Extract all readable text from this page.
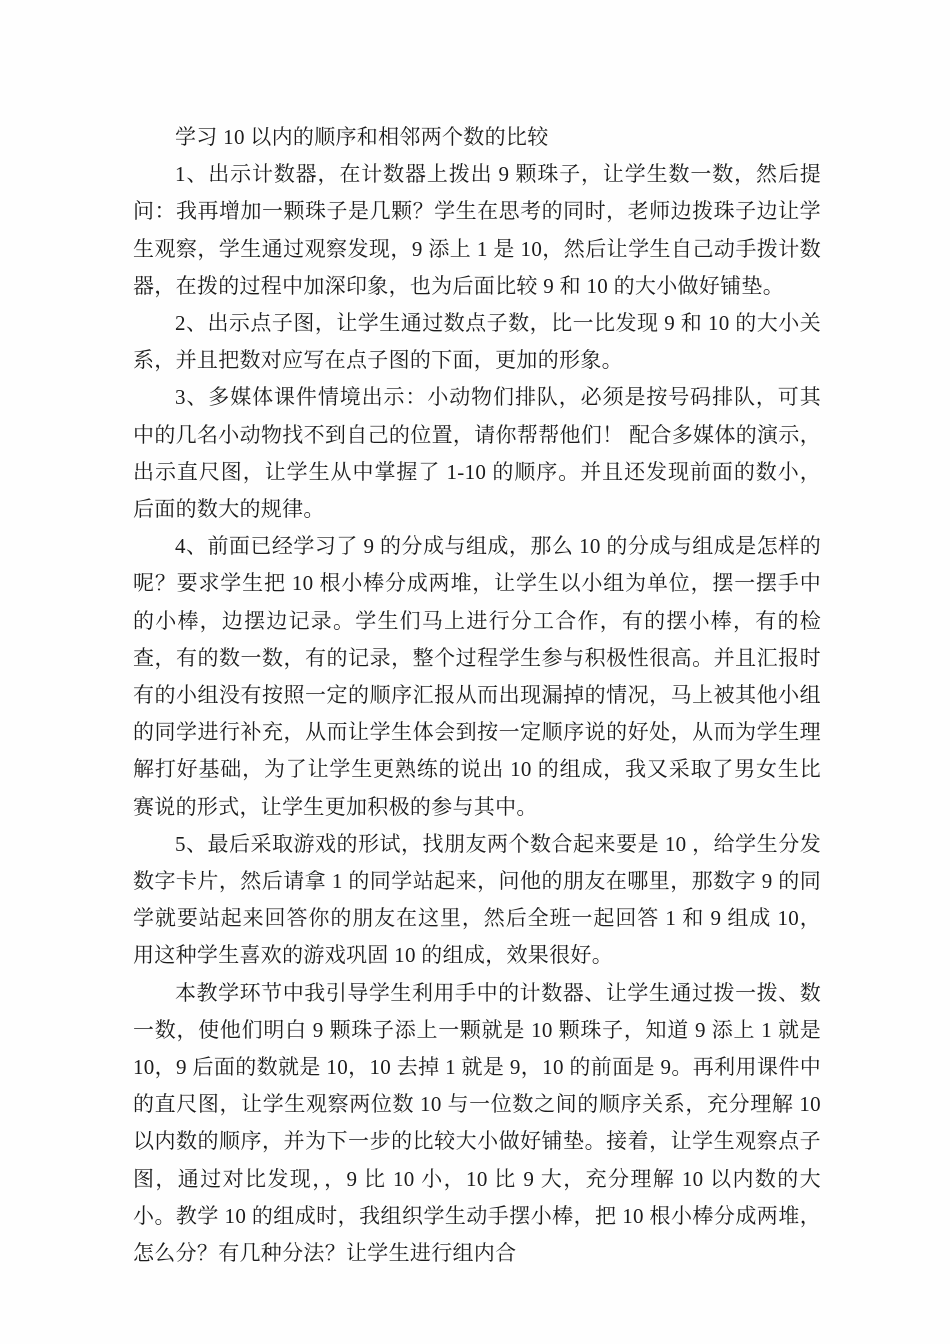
学习 10 以内的顺序和相邻两个数的比较

1、出示计数器，在计数器上拨出 9 颗珠子，让学生数一数，然后提问：我再增加一颗珠子是几颗？学生在思考的同时，老师边拨珠子边让学生观察，学生通过观察发现，9 添上 1 是 10，然后让学生自己动手拨计数器，在拨的过程中加深印象，也为后面比较 9 和 10 的大小做好铺垫。

2、出示点子图，让学生通过数点子数，比一比发现 9 和 10 的大小关系，并且把数对应写在点子图的下面，更加的形象。

3、多媒体课件情境出示：小动物们排队，必须是按号码排队，可其中的几名小动物找不到自己的位置，请你帮帮他们！ 配合多媒体的演示，出示直尺图，让学生从中掌握了 1-10 的顺序。并且还发现前面的数小，后面的数大的规律。

4、前面已经学习了 9 的分成与组成，那么 10 的分成与组成是怎样的呢？要求学生把 10 根小棒分成两堆，让学生以小组为单位，摆一摆手中的小棒，边摆边记录。学生们马上进行分工合作，有的摆小棒，有的检查，有的数一数，有的记录，整个过程学生参与积极性很高。并且汇报时有的小组没有按照一定的顺序汇报从而出现漏掉的情况，马上被其他小组的同学进行补充，从而让学生体会到按一定顺序说的好处，从而为学生理解打好基础，为了让学生更熟练的说出 10 的组成，我又采取了男女生比赛说的形式，让学生更加积极的参与其中。

5、最后采取游戏的形试，找朋友两个数合起来要是 10 ，给学生分发数字卡片，然后请拿 1 的同学站起来，问他的朋友在哪里，那数字 9 的同学就要站起来回答你的朋友在这里，然后全班一起回答 1 和 9 组成 10，用这种学生喜欢的游戏巩固 10 的组成，效果很好。

本教学环节中我引导学生利用手中的计数器、让学生通过拨一拨、数一数，使他们明白 9 颗珠子添上一颗就是 10 颗珠子，知道 9 添上 1 就是 10，9 后面的数就是 10，10 去掉 1 就是 9，10 的前面是 9。再利用课件中的直尺图，让学生观察两位数 10 与一位数之间的顺序关系，充分理解 10 以内数的顺序，并为下一步的比较大小做好铺垫。接着，让学生观察点子图，通过对比发现，，9 比 10 小，10 比 9 大，充分理解 10 以内数的大小。教学 10 的组成时，我组织学生动手摆小棒，把 10 根小棒分成两堆，怎么分？有几种分法？让学生进行组内合
